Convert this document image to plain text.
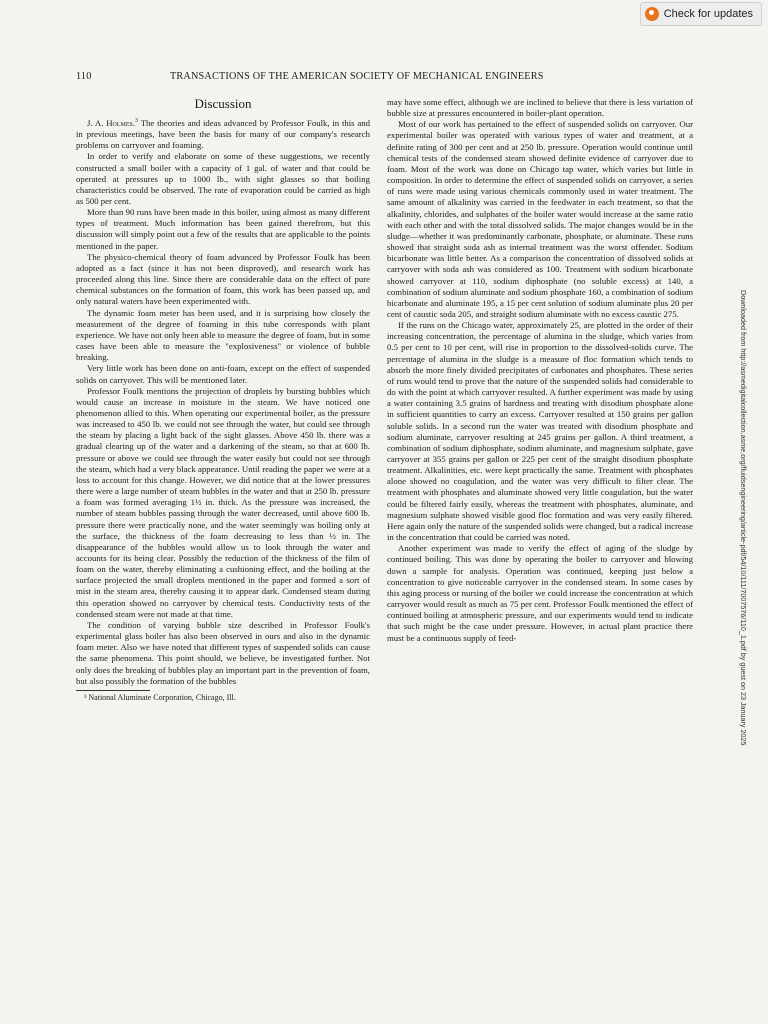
Check for updates
110	TRANSACTIONS OF THE AMERICAN SOCIETY OF MECHANICAL ENGINEERS
Discussion

J. A. Holmes.$^3$ The theories and ideas advanced by Professor Foulk, in this and in previous meetings, have been the basis for many of our company's research problems on carryover and foaming.

In order to verify and elaborate on some of these suggestions, we recently constructed a small boiler with a capacity of 1 gal. of water and that could be operated at pressures up to 1000 lb., with sight glasses so that boiling characteristics could be observed. The rate of evaporation could be carried as high as 500 per cent.

More than 90 runs have been made in this boiler, using almost as many different types of treatment. Much information has been gained therefrom, but this discussion will simply point out a few of the results that are applicable to the points mentioned in the paper.

The physico-chemical theory of foam advanced by Professor Foulk has been adopted as a fact (since it has not been disproved), and research work has proceeded along this line. Since there are considerable data on the effect of pure chemical substances on the formation of foam, this work has been passed up, and only natural waters have been experimented with.

The dynamic foam meter has been used, and it is surprising how closely the measurement of the degree of foaming in this tube corresponds with plant experience. We have not only been able to measure the degree of foam, but in some cases have been able to measure the "explosiveness" or violence of bubble breaking.

Very little work has been done on anti-foam, except on the effect of suspended solids on carryover. This will be mentioned later.

Professor Foulk mentions the projection of droplets by bursting bubbles which would cause an increase in moisture in the steam. We have noticed one phenomenon allied to this. When operating our experimental boiler, as the pressure was increased to 450 lb. we could not see through the water, but could see through the steam by placing a light back of the sight glasses. Above 450 lb. there was a gradual clearing up of the water and a darkening of the steam, so that at 600 lb. pressure or above we could see through the water easily but could not see through the steam, which had a very black appearance. Until reading the paper we were at a loss to account for this change. However, we did notice that at the lower pressures there were a large number of steam bubbles in the water and that at 250 lb. pressure a foam was formed averaging 1½ in. thick. As the pressure was increased, the number of steam bubbles passing through the water decreased, until above 600 lb. pressure there were practically none, and the water seemingly was boiling only at the surface, the thickness of the foam decreasing to less than ½ in. The disappearance of the bubbles would allow us to look through the water and accounts for its being clear. Possibly the reduction of the thickness of the film of foam on the water, thereby eliminating a cushioning effect, and the boiling at the surface projected the small droplets mentioned in the paper and formed a sort of mist in the steam area, thereby causing it to appear dark. Condensed steam during this operation showed no carryover by chemical tests. Conductivity tests of the condensed steam were not made at that time.

The condition of varying bubble size described in Professor Foulk's experimental glass boiler has also been observed in ours and also in the dynamic foam meter. Also we have noted that different types of suspended solids can cause the same phenomena. This point should, we believe, be investigated further. Not only does the breaking of bubbles play an important part in the prevention of foam, but also possibly the formation of the bubbles

³ National Aluminate Corporation, Chicago, Ill.

may have some effect, although we are inclined to believe that there is less variation of bubble size at pressures encountered in boiler-plant operation.

Most of our work has pertained to the effect of suspended solids on carryover. Our experimental boiler was operated with various types of water and treatment, at a definite rating of 300 per cent and at 250 lb. pressure. Operation would continue until chemical tests of the condensed steam showed definite evidence of carryover due to foam. Most of the work was done on Chicago tap water, which varies but little in composition. In order to determine the effect of suspended solids on carryover, a series of runs were made using various chemicals commonly used in water treatment. The same amount of alkalinity was carried in the feedwater in each treatment, so that the alkalinity, chlorides, and sulphates of the boiler water would increase at the same ratio with each other and with the total dissolved solids. The major changes would be in the sludge—whether it was predominantly carbonate, phosphate, or aluminate. These runs showed that straight soda ash as internal treatment was the worst offender. Sodium bicarbonate was little better. As a comparison the concentration of dissolved solids at carryover with soda ash was considered as 100. Treatment with sodium bicarbonate showed carryover at 110, sodium diphosphate (no soluble excess) at 140, a combination of sodium aluminate and sodium phosphate 160, a combination of sodium bicarbonate and aluminate 195, a 15 per cent solution of sodium aluminate plus 20 per cent of caustic soda 205, and straight sodium aluminate with no excess caustic 275.

If the runs on the Chicago water, approximately 25, are plotted in the order of their increasing concentration, the percentage of alumina in the sludge, which varies from 0.5 per cent to 10 per cent, will rise in proportion to the dissolved-solids curve. The percentage of alumina in the sludge is a measure of floc formation which tends to absorb the more finely divided precipitates of carbonates and phosphates. These series of runs would tend to prove that the nature of the suspended solids had considerable to do with the point at which carryover resulted. A further experiment was made by using a water containing 3.5 grains of hardness and treating with disodium phosphate alone in sufficient quantities to carry an excess. Carryover resulted at 150 grains per gallon soluble solids. In a second run the water was treated with disodium phosphate and sodium aluminate, carryover resulting at 245 grains per gallon. A third treatment, a combination of sodium diphosphate, sodium aluminate, and magnesium sulphate, gave carryover at 355 grains per gallon or 225 per cent of the straight disodium phosphate treatment. Alkalinities, etc. were kept practically the same. Treatment with phosphates alone showed no coagulation, and the water was very difficult to filter clear. The treatment with phosphates and aluminate showed very little coagulation, but the water could be filtered fairly easily, whereas the treatment with phosphates, aluminate, and magnesium sulphate showed visible good floc formation and was very easily filtered. Here again only the nature of the suspended solids were changed, but a radical increase in the concentration that could be carried was noted.

Another experiment was made to verify the effect of aging of the sludge by continued boiling. This was done by operating the boiler to carryover and blowing down a sample for analysis. Operation was continued, keeping just below a concentration to give noticeable carryover in the condensed steam. In some cases by this aging process or nursing of the boiler we could increase the concentration at which carryover would result as much as 75 per cent. Professor Foulk mentioned the effect of continued boiling at atmospheric pressure, and our experiments would tend to indicate that such might be the case under pressure. However, in actual plant practice there must be a continuous supply of feed-	Downloaded from http://asmedigitalcollection.asme.org/fluidsengineering/article-pdf/54/10/111/7007576/110_1.pdf by guest on 23 January 2025
